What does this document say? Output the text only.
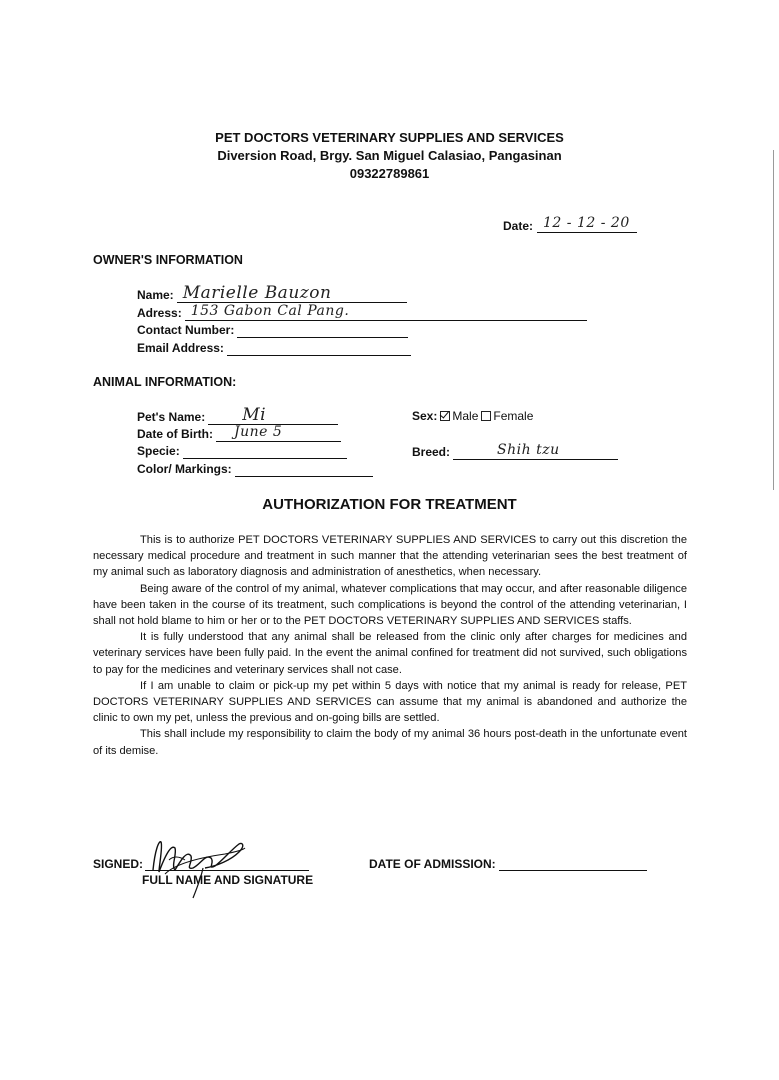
PET DOCTORS VETERINARY SUPPLIES AND SERVICES
Diversion Road, Brgy. San Miguel Calasiao, Pangasinan
09322789861
Date: 12 - 12 - 20
OWNER'S INFORMATION
Name: Marielle Bauzon
Adress: 153 Gabon Cal Pang.
Contact Number:
Email Address:
ANIMAL INFORMATION:
Pet's Name: Mi
Date of Birth: June 5
Specie:
Color/ Markings:
Sex: Male Female
Breed:	Shih tzu
AUTHORIZATION FOR TREATMENT

This is to authorize PET DOCTORS VETERINARY SUPPLIES AND SERVICES to carry out this discretion the necessary medical procedure and treatment in such manner that the attending veterinarian sees the best treatment of my animal such as laboratory diagnosis and administration of anesthetics, when necessary.

Being aware of the control of my animal, whatever complications that may occur, and after reasonable diligence have been taken in the course of its treatment, such complications is beyond the control of the attending veterinarian, I shall not hold blame to him or her or to the PET DOCTORS VETERINARY SUPPLIES AND SERVICES staffs.

It is fully understood that any animal shall be released from the clinic only after charges for medicines and veterinary services have been fully paid. In the event the animal confined for treatment did not survived, such obligations to pay for the medicines and veterinary services shall not case.

If I am unable to claim or pick-up my pet within 5 days with notice that my animal is ready for release, PET DOCTORS VETERINARY SUPPLIES AND SERVICES can assume that my animal is abandoned and authorize the clinic to own my pet, unless the previous and on-going bills are settled.

This shall include my responsibility to claim the body of my animal 36 hours post-death in the unfortunate event of its demise.

SIGNED:
FULL NAME AND SIGNATURE
DATE OF ADMISSION:
